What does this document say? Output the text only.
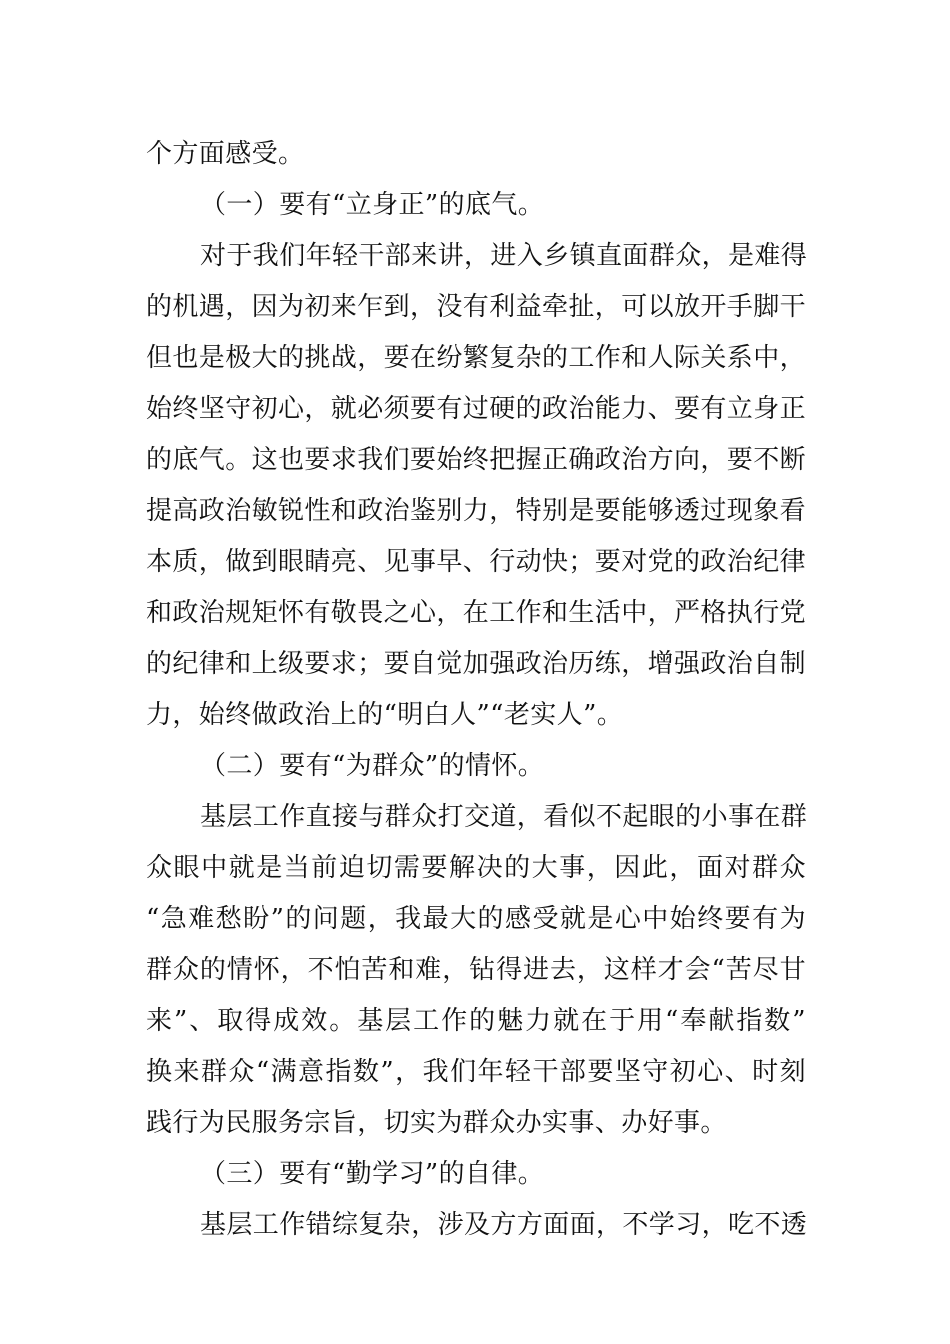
个方面感受。
（一）要有“立身正”的底气。
对于我们年轻干部来讲，进入乡镇直面群众，是难得
的机遇，因为初来乍到，没有利益牵扯，可以放开手脚干
但也是极大的挑战，要在纷繁复杂的工作和人际关系中，
始终坚守初心，就必须要有过硬的政治能力、要有立身正
的底气。这也要求我们要始终把握正确政治方向，要不断
提高政治敏锐性和政治鉴别力，特别是要能够透过现象看
本质，做到眼睛亮、见事早、行动快；要对党的政治纪律
和政治规矩怀有敬畏之心，在工作和生活中，严格执行党
的纪律和上级要求；要自觉加强政治历练，增强政治自制
力，始终做政治上的“明白人”“老实人”。
（二）要有“为群众”的情怀。
基层工作直接与群众打交道，看似不起眼的小事在群
众眼中就是当前迫切需要解决的大事，因此，面对群众
“急难愁盼”的问题，我最大的感受就是心中始终要有为
群众的情怀，不怕苦和难，钻得进去，这样才会“苦尽甘
来”、取得成效。基层工作的魅力就在于用“奉献指数”
换来群众“满意指数”，我们年轻干部要坚守初心、时刻
践行为民服务宗旨，切实为群众办实事、办好事。
（三）要有“勤学习”的自律。
基层工作错综复杂，涉及方方面面，不学习，吃不透
